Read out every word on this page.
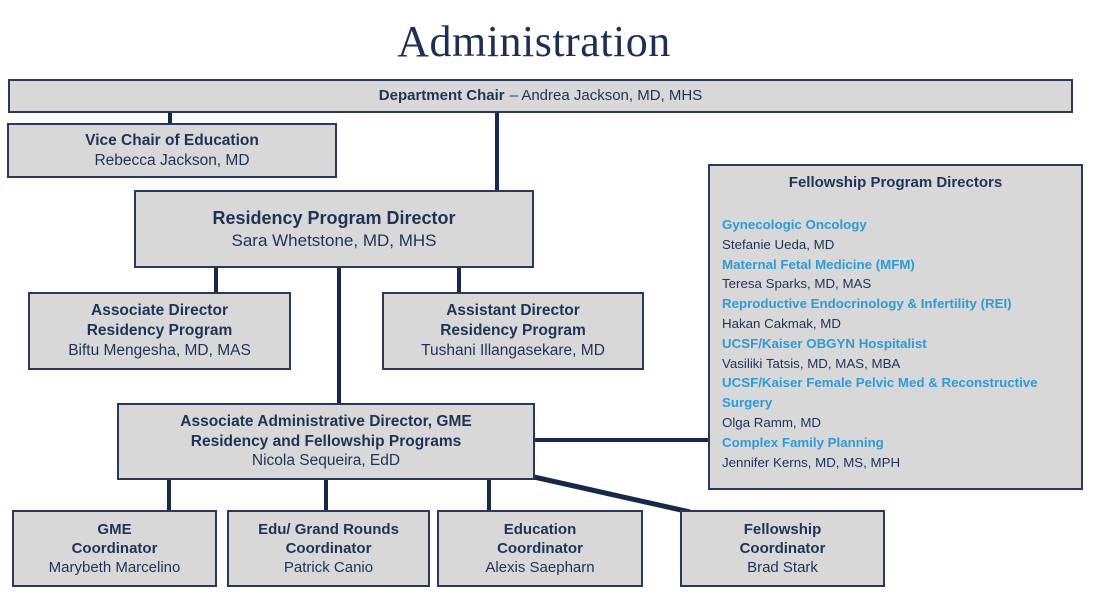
Administration
Department Chair – Andrea Jackson, MD, MHS
Vice Chair of Education
Rebecca Jackson, MD
Residency Program Director
Sara Whetstone, MD, MHS
Associate Director
Residency Program
Biftu Mengesha, MD, MAS
Assistant Director
Residency Program
Tushani Illangasekare, MD
Associate Administrative Director, GME
Residency and Fellowship Programs
Nicola Sequeira, EdD
GME
Coordinator
Marybeth Marcelino
Edu/ Grand Rounds
Coordinator
Patrick Canio
Education
Coordinator
Alexis Saepharn
Fellowship
Coordinator
Brad Stark
Fellowship Program Directors
Gynecologic Oncology
Stefanie Ueda, MD
Maternal Fetal Medicine (MFM)
Teresa Sparks, MD, MAS
Reproductive Endocrinology & Infertility (REI)
Hakan Cakmak, MD
UCSF/Kaiser OBGYN Hospitalist
Vasiliki Tatsis, MD, MAS, MBA
UCSF/Kaiser Female Pelvic Med & Reconstructive Surgery
Olga Ramm, MD
Complex Family Planning
Jennifer Kerns, MD, MS, MPH
